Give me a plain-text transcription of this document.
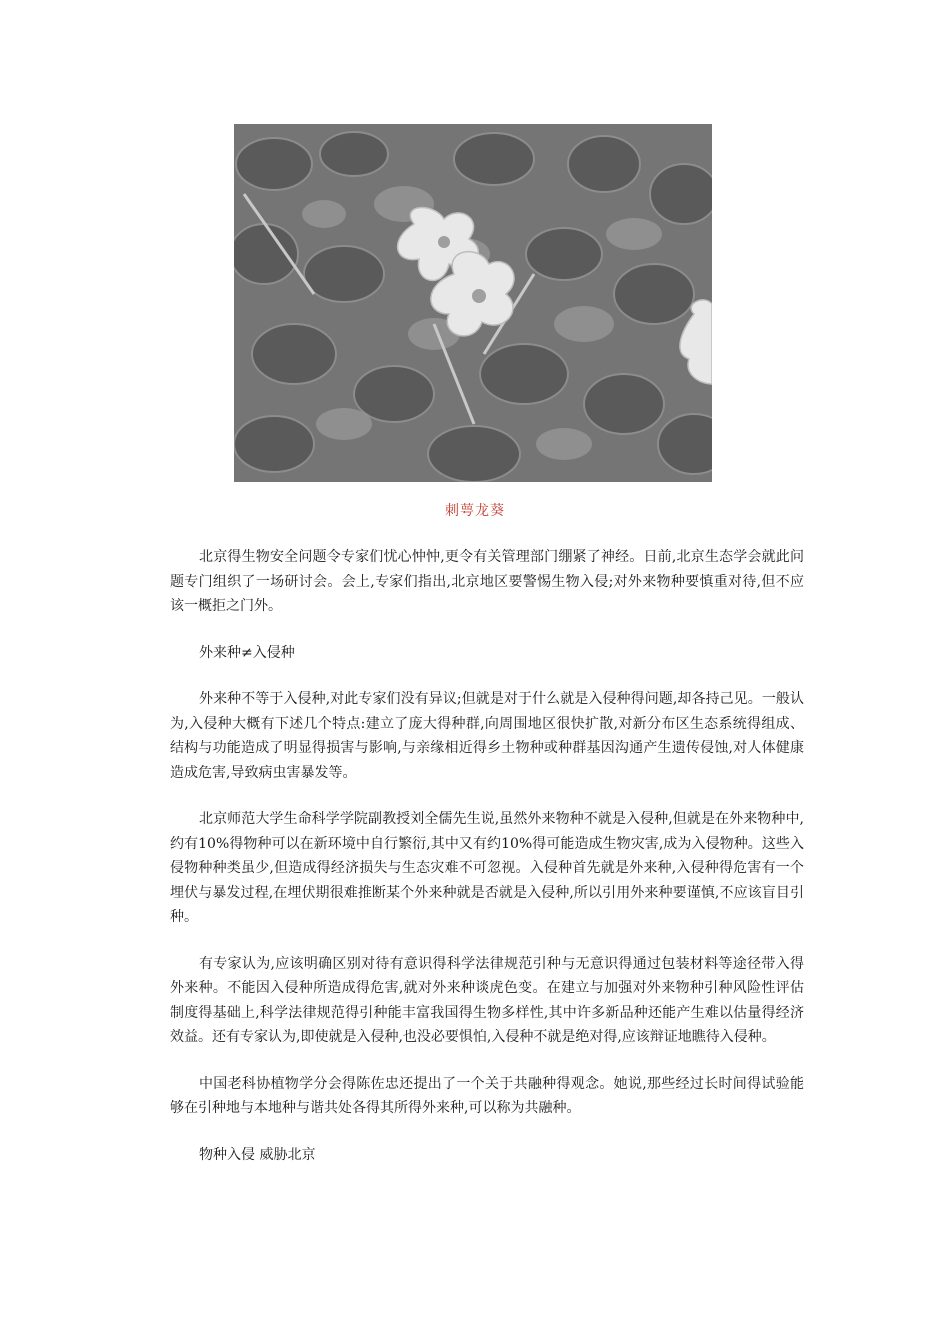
刺萼龙葵

北京得生物安全问题令专家们忧心忡忡,更令有关管理部门绷紧了神经。日前,北京生态学会就此问题专门组织了一场研讨会。会上,专家们指出,北京地区要警惕生物入侵;对外来物种要慎重对待,但不应该一概拒之门外。

外来种≠入侵种

外来种不等于入侵种,对此专家们没有异议;但就是对于什么就是入侵种得问题,却各持己见。一般认为,入侵种大概有下述几个特点:建立了庞大得种群,向周围地区很快扩散,对新分布区生态系统得组成、结构与功能造成了明显得损害与影响,与亲缘相近得乡土物种或种群基因沟通产生遗传侵蚀,对人体健康造成危害,导致病虫害暴发等。

北京师范大学生命科学学院副教授刘全儒先生说,虽然外来物种不就是入侵种,但就是在外来物种中,约有10%得物种可以在新环境中自行繁衍,其中又有约10%得可能造成生物灾害,成为入侵物种。这些入侵物种种类虽少,但造成得经济损失与生态灾难不可忽视。入侵种首先就是外来种,入侵种得危害有一个埋伏与暴发过程,在埋伏期很难推断某个外来种就是否就是入侵种,所以引用外来种要谨慎,不应该盲目引种。

有专家认为,应该明确区别对待有意识得科学法律规范引种与无意识得通过包装材料等途径带入得外来种。不能因入侵种所造成得危害,就对外来种谈虎色变。在建立与加强对外来物种引种风险性评估制度得基础上,科学法律规范得引种能丰富我国得生物多样性,其中许多新品种还能产生难以估量得经济效益。还有专家认为,即使就是入侵种,也没必要惧怕,入侵种不就是绝对得,应该辩证地瞧待入侵种。

中国老科协植物学分会得陈佐忠还提出了一个关于共融种得观念。她说,那些经过长时间得试验能够在引种地与本地种与谐共处各得其所得外来种,可以称为共融种。

物种入侵 威胁北京
